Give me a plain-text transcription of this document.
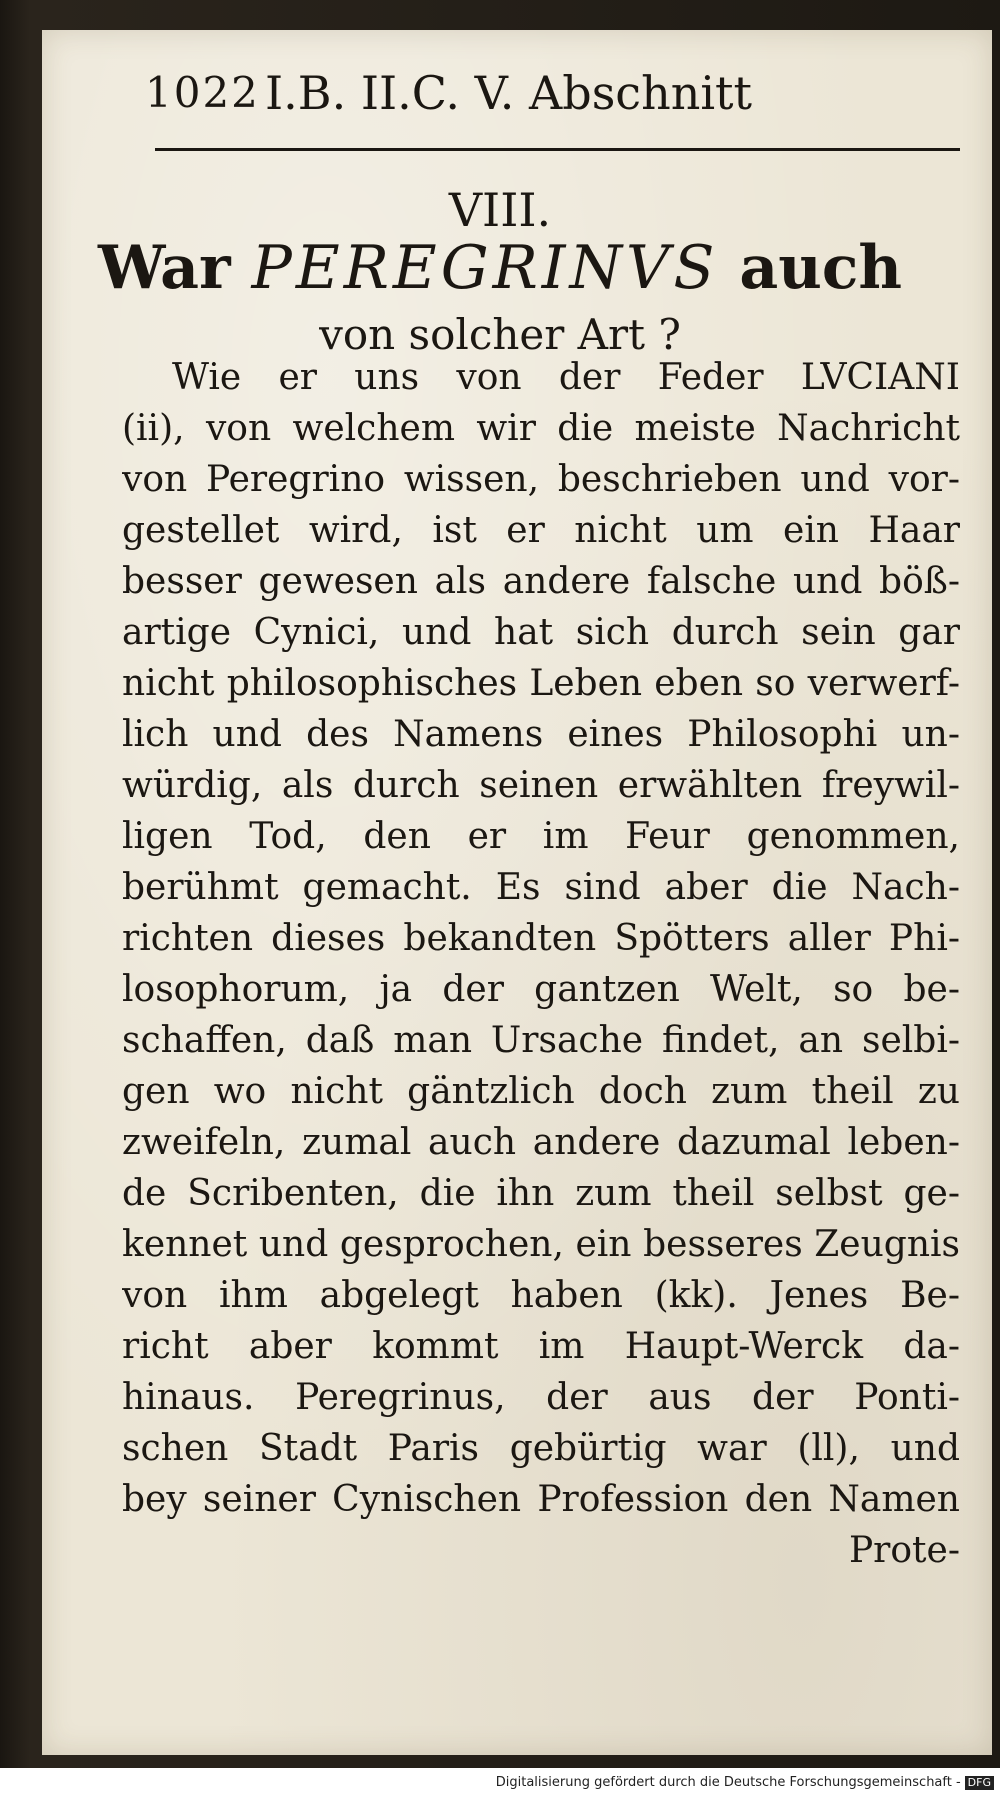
1022 I.B. II.C. V. Abschnitt
VIII.
War PEREGRINVS auch
von solcher Art ?
Wie er uns von der Feder LVCIANI
(ii), von welchem wir die meiste Nachricht
von Peregrino wissen, beschrieben und vor-
gestellet wird, ist er nicht um ein Haar
besser gewesen als andere falsche und böß-
artige Cynici, und hat sich durch sein gar
nicht philosophisches Leben eben so verwerf-
lich und des Namens eines Philosophi un-
würdig, als durch seinen erwählten freywil-
ligen Tod, den er im Feur genommen,
berühmt gemacht. Es sind aber die Nach-
richten dieses bekandten Spötters aller Phi-
losophorum, ja der gantzen Welt, so be-
schaffen, daß man Ursache findet, an selbi-
gen wo nicht gäntzlich doch zum theil zu
zweifeln, zumal auch andere dazumal leben-
de Scribenten, die ihn zum theil selbst ge-
kennet und gesprochen, ein besseres Zeugnis
von ihm abgelegt haben (kk). Jenes Be-
richt aber kommt im Haupt-Werck da-
hinaus. Peregrinus, der aus der Ponti-
schen Stadt Paris gebürtig war (ll), und
bey seiner Cynischen Profession den Namen
Prote-
Digitalisierung gefördert durch die Deutsche Forschungsgemeinschaft - DFG
